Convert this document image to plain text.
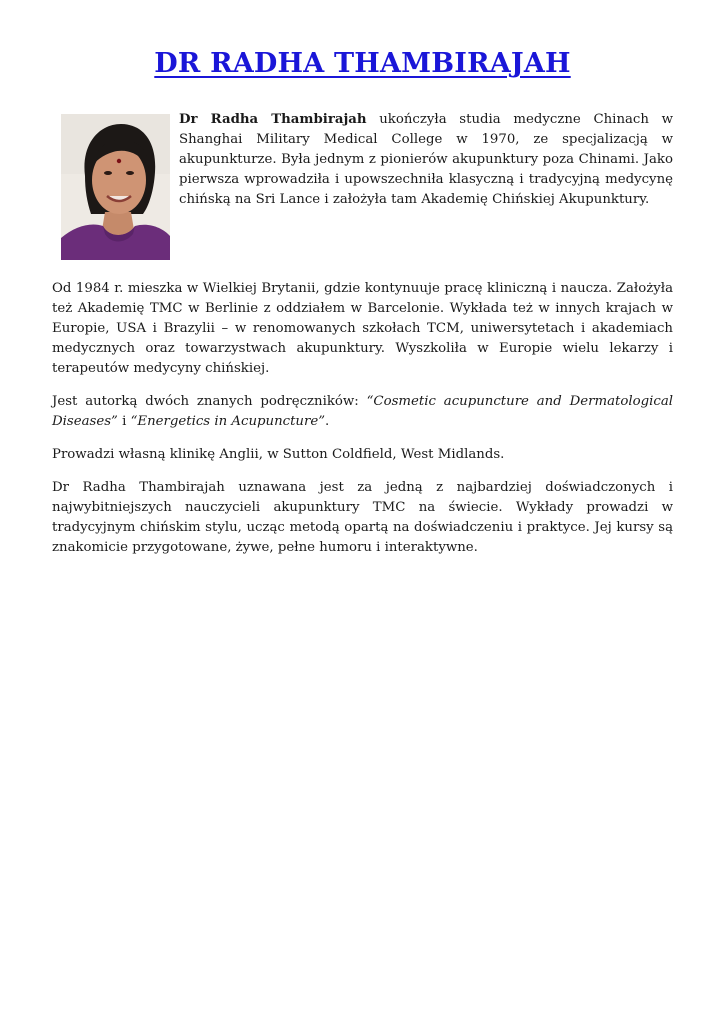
DR RADHA THAMBIRAJAH

Dr Radha Thambirajah ukończyła studia medyczne Chinach w Shanghai Military Medical College w 1970, ze specjalizacją w akupunkturze. Była jednym z pionierów akupunktury poza Chinami. Jako pierwsza wprowadziła i upowszechniła klasyczną i tradycyjną medycynę chińską na Sri Lance i założyła tam Akademię Chińskiej Akupunktury.

Od 1984 r. mieszka w Wielkiej Brytanii, gdzie kontynuuje pracę kliniczną i naucza. Założyła też Akademię TMC w Berlinie z oddziałem w Barcelonie. Wykłada też w innych krajach w Europie, USA i Brazylii – w renomowanych szkołach TCM, uniwersytetach i akademiach medycznych oraz towarzystwach akupunktury. Wyszkoliła w Europie wielu lekarzy i terapeutów medycyny chińskiej.

Jest autorką dwóch znanych podręczników: “Cosmetic acupuncture and Dermatological Diseases” i “Energetics in Acupuncture”.

Prowadzi własną klinikę Anglii, w Sutton Coldfield, West Midlands.

Dr Radha Thambirajah uznawana jest za jedną z najbardziej doświadczonych i najwybitniejszych nauczycieli akupunktury TMC na świecie. Wykłady prowadzi w tradycyjnym chińskim stylu, ucząc metodą opartą na doświadczeniu i praktyce. Jej kursy są znakomicie przygotowane, żywe, pełne humoru i interaktywne.
